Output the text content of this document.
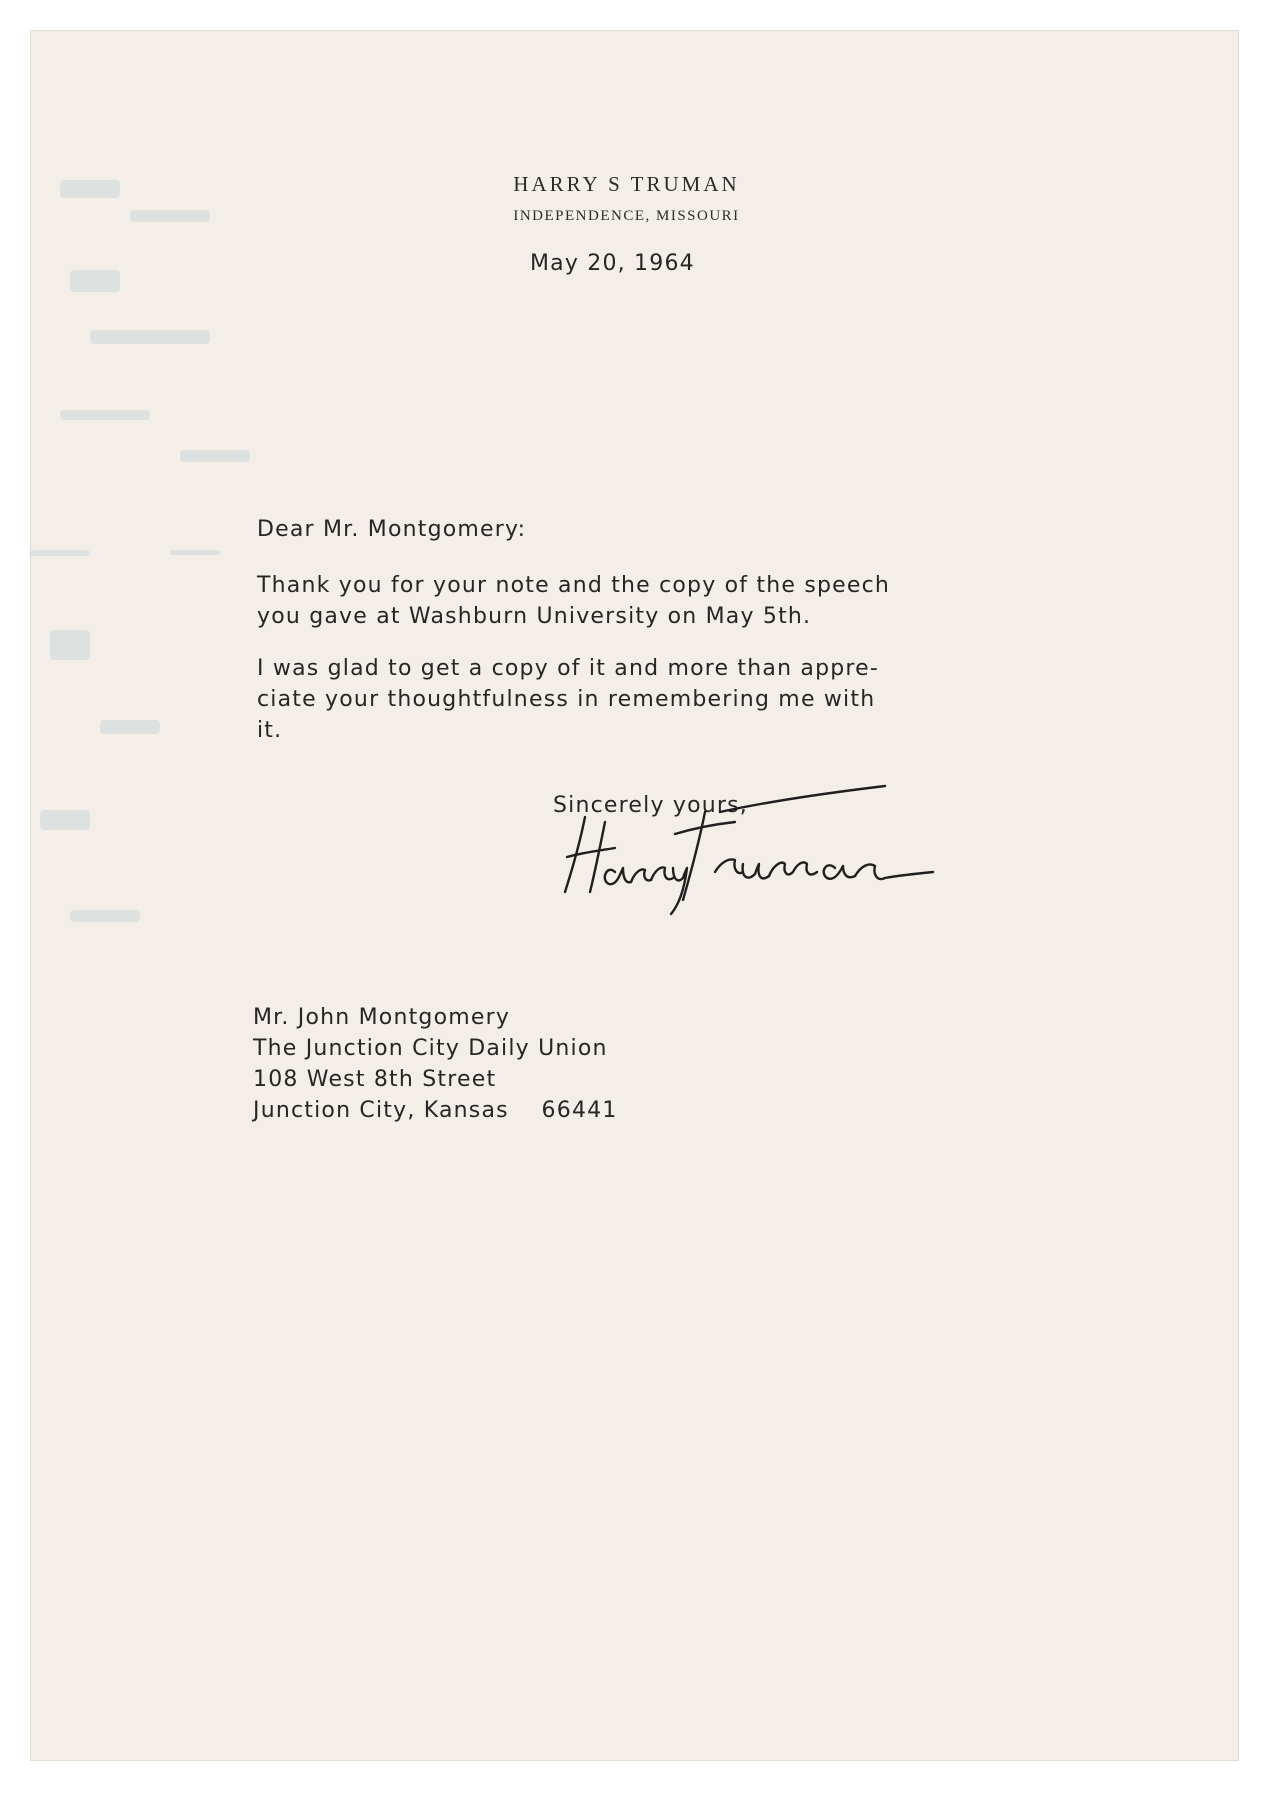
HARRY S TRUMAN
INDEPENDENCE, MISSOURI
May 20, 1964
Dear Mr. Montgomery:
Thank you for your note and the copy of the speech
you gave at Washburn University on May 5th.
I was glad to get a copy of it and more than appre-
ciate your thoughtfulness in remembering me with
it.
Sincerely yours,
Mr. John Montgomery
The Junction City Daily Union
108 West 8th Street
Junction City, Kansas    66441
